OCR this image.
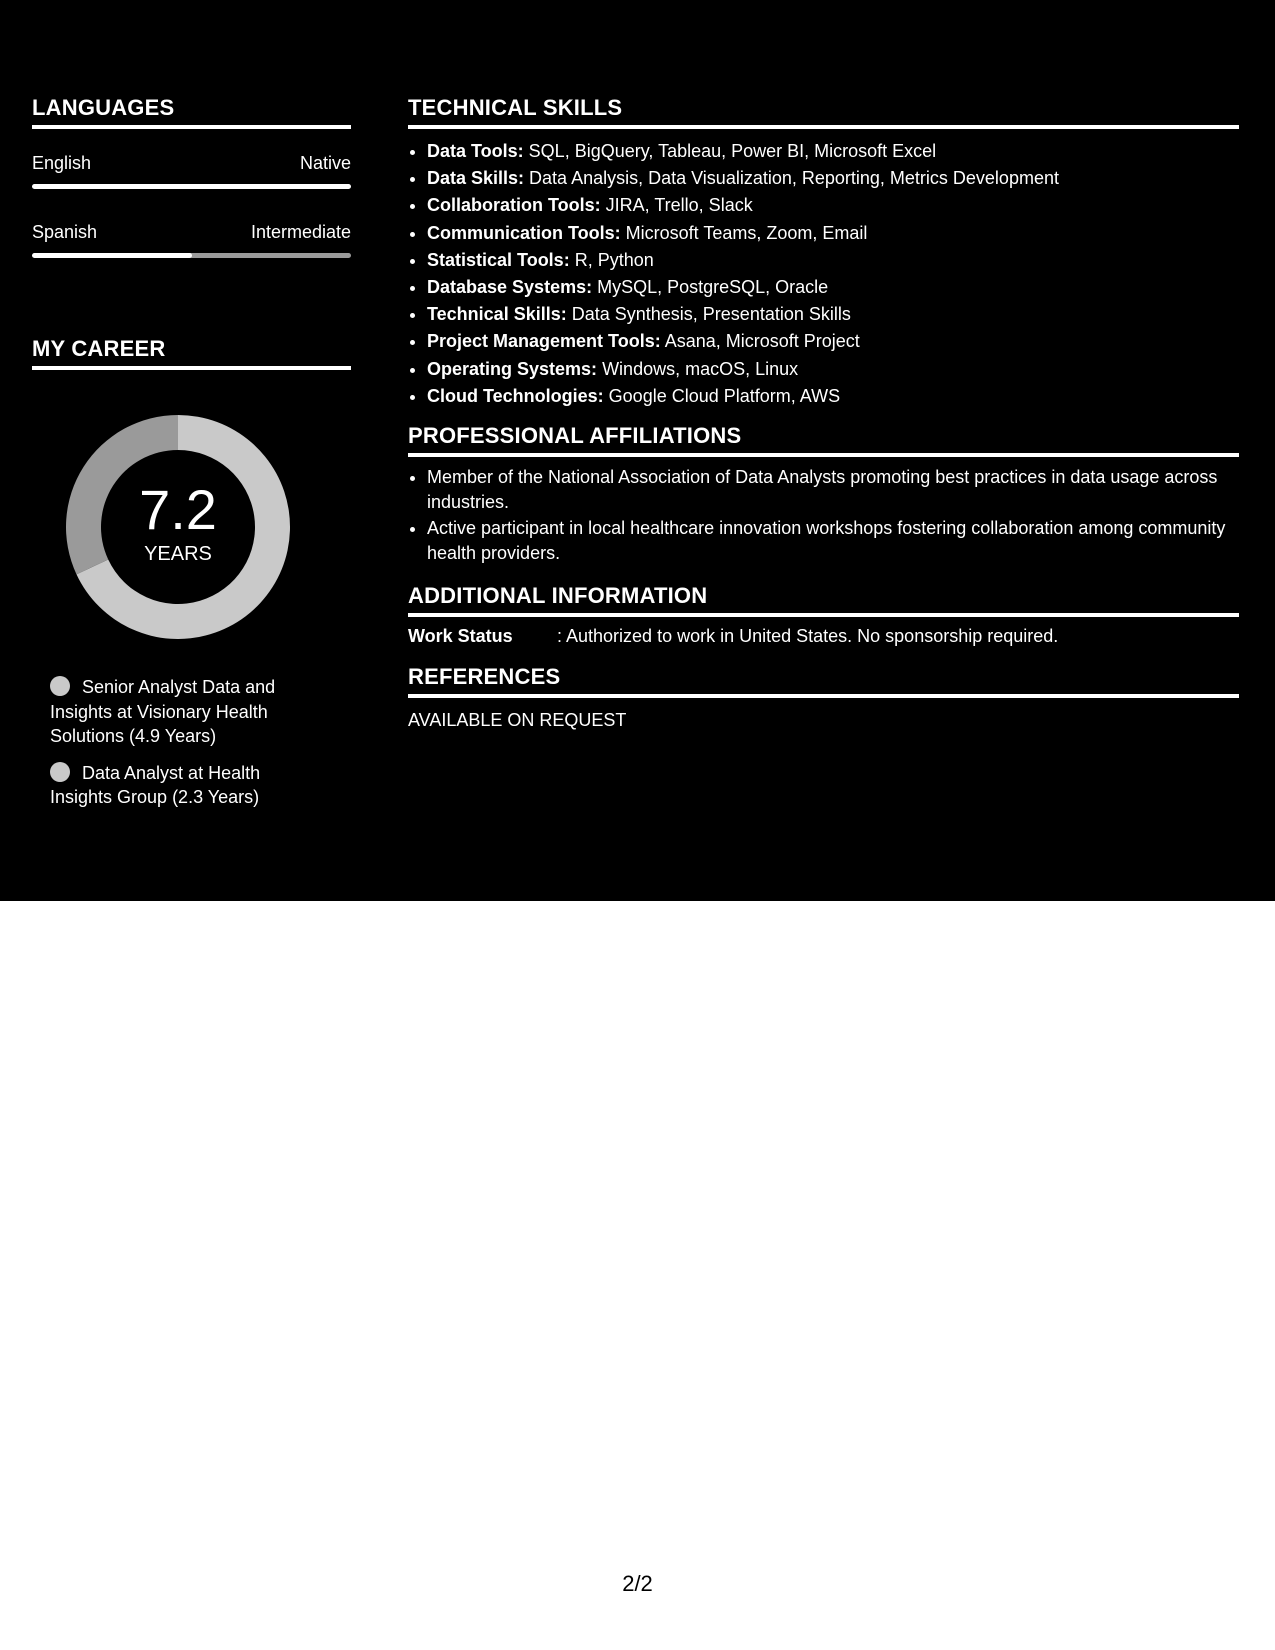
LANGUAGES
English	Native
Spanish	Intermediate
MY CAREER
7.2
YEARS
Senior Analyst Data and Insights at Visionary Health Solutions (4.9 Years)
Data Analyst at Health Insights Group (2.3 Years)
TECHNICAL SKILLS
• Data Tools: SQL, BigQuery, Tableau, Power BI, Microsoft Excel
• Data Skills: Data Analysis, Data Visualization, Reporting, Metrics Development
• Collaboration Tools: JIRA, Trello, Slack
• Communication Tools: Microsoft Teams, Zoom, Email
• Statistical Tools: R, Python
• Database Systems: MySQL, PostgreSQL, Oracle
• Technical Skills: Data Synthesis, Presentation Skills
• Project Management Tools: Asana, Microsoft Project
• Operating Systems: Windows, macOS, Linux
• Cloud Technologies: Google Cloud Platform, AWS
PROFESSIONAL AFFILIATIONS
• Member of the National Association of Data Analysts promoting best practices in data usage across industries.
• Active participant in local healthcare innovation workshops fostering collaboration among community health providers.
ADDITIONAL INFORMATION
Work Status : Authorized to work in United States. No sponsorship required.
REFERENCES
AVAILABLE ON REQUEST
2/2
